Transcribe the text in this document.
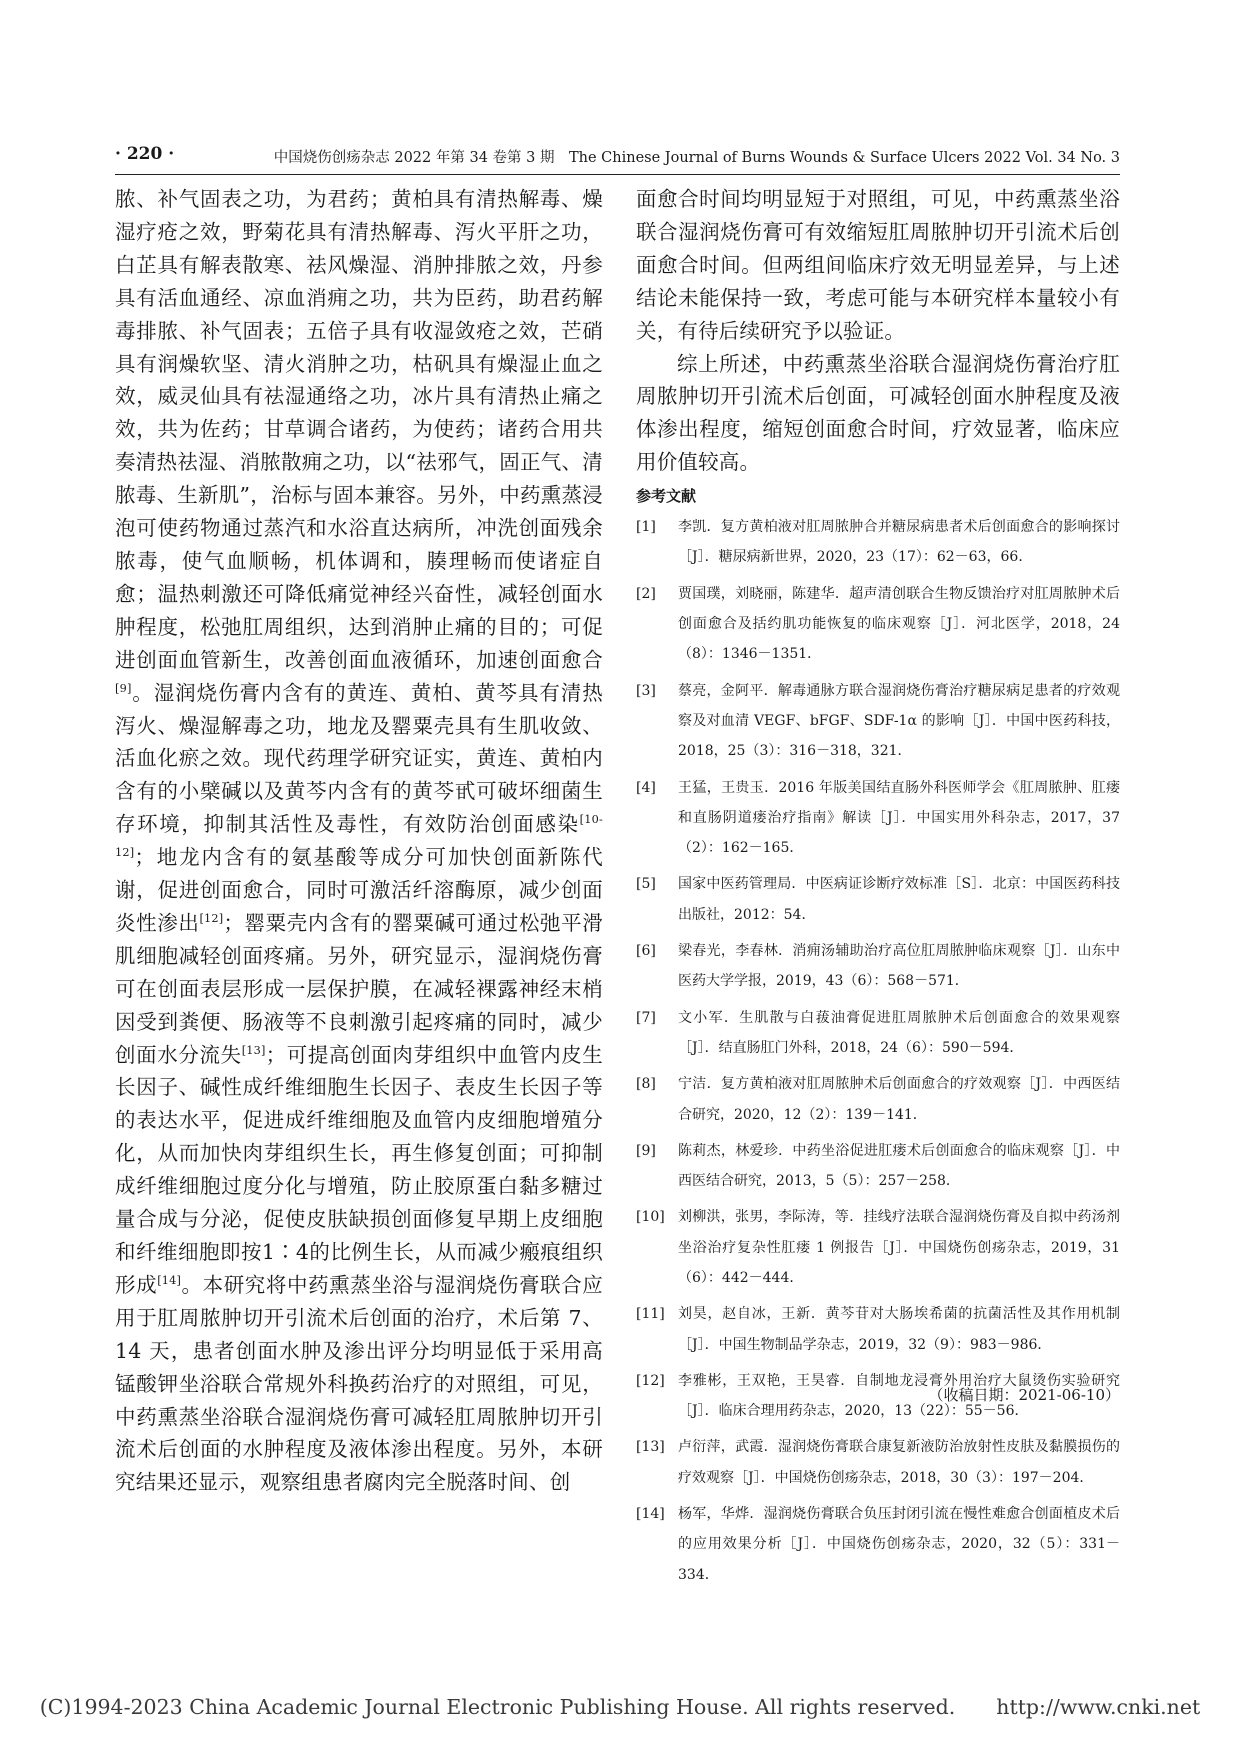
· 220 ·	中国烧伤创疡杂志 2022 年第 34 卷第 3 期　The Chinese Journal of Burns Wounds & Surface Ulcers 2022 Vol. 34 No. 3

脓、补气固表之功，为君药；黄柏具有清热解毒、燥湿疗疮之效，野菊花具有清热解毒、泻火平肝之功，白芷具有解表散寒、祛风燥湿、消肿排脓之效，丹参具有活血通经、凉血消痈之功，共为臣药，助君药解毒排脓、补气固表；五倍子具有收湿敛疮之效，芒硝具有润燥软坚、清火消肿之功，枯矾具有燥湿止血之效，威灵仙具有祛湿通络之功，冰片具有清热止痛之效，共为佐药；甘草调合诸药，为使药；诸药合用共奏清热祛湿、消脓散痈之功，以“祛邪气，固正气、清脓毒、生新肌”，治标与固本兼容。另外，中药熏蒸浸泡可使药物通过蒸汽和水浴直达病所，冲洗创面残余脓毒，使气血顺畅，机体调和，腠理畅而使诸症自愈；温热刺激还可降低痛觉神经兴奋性，减轻创面水肿程度，松弛肛周组织，达到消肿止痛的目的；可促进创面血管新生，改善创面血液循环，加速创面愈合[9]。湿润烧伤膏内含有的黄连、黄柏、黄芩具有清热泻火、燥湿解毒之功，地龙及罂粟壳具有生肌收敛、活血化瘀之效。现代药理学研究证实，黄连、黄柏内含有的小檗碱以及黄芩内含有的黄芩甙可破坏细菌生存环境，抑制其活性及毒性，有效防治创面感染[10-12]；地龙内含有的氨基酸等成分可加快创面新陈代谢，促进创面愈合，同时可激活纤溶酶原，减少创面炎性渗出[12]；罂粟壳内含有的罂粟碱可通过松弛平滑肌细胞减轻创面疼痛。另外，研究显示，湿润烧伤膏可在创面表层形成一层保护膜，在减轻裸露神经末梢因受到粪便、肠液等不良刺激引起疼痛的同时，减少创面水分流失[13]；可提高创面肉芽组织中血管内皮生长因子、碱性成纤维细胞生长因子、表皮生长因子等的表达水平，促进成纤维细胞及血管内皮细胞增殖分化，从而加快肉芽组织生长，再生修复创面；可抑制成纤维细胞过度分化与增殖，防止胶原蛋白黏多糖过量合成与分泌，促使皮肤缺损创面修复早期上皮细胞和纤维细胞即按1∶4的比例生长，从而减少瘢痕组织形成[14]。本研究将中药熏蒸坐浴与湿润烧伤膏联合应用于肛周脓肿切开引流术后创面的治疗，术后第 7、14 天，患者创面水肿及渗出评分均明显低于采用高锰酸钾坐浴联合常规外科换药治疗的对照组，可见，中药熏蒸坐浴联合湿润烧伤膏可减轻肛周脓肿切开引流术后创面的水肿程度及液体渗出程度。另外，本研究结果还显示，观察组患者腐肉完全脱落时间、创

面愈合时间均明显短于对照组，可见，中药熏蒸坐浴联合湿润烧伤膏可有效缩短肛周脓肿切开引流术后创面愈合时间。但两组间临床疗效无明显差异，与上述结论未能保持一致，考虑可能与本研究样本量较小有关，有待后续研究予以验证。

综上所述，中药熏蒸坐浴联合湿润烧伤膏治疗肛周脓肿切开引流术后创面，可减轻创面水肿程度及液体渗出程度，缩短创面愈合时间，疗效显著，临床应用价值较高。

参考文献
[1]	李凯．复方黄柏液对肛周脓肿合并糖尿病患者术后创面愈合的影响探讨［J］．糖尿病新世界，2020，23（17）：62－63，66．
[2]	贾国璞，刘晓丽，陈建华．超声清创联合生物反馈治疗对肛周脓肿术后创面愈合及括约肌功能恢复的临床观察［J］．河北医学，2018，24（8）：1346－1351．
[3]	蔡亮，金阿平．解毒通脉方联合湿润烧伤膏治疗糖尿病足患者的疗效观察及对血清 VEGF、bFGF、SDF-1α 的影响［J］．中国中医药科技，2018，25（3）：316－318，321．
[4]	王猛，王贵玉．2016 年版美国结直肠外科医师学会《肛周脓肿、肛瘘和直肠阴道瘘治疗指南》解读［J］．中国实用外科杂志，2017，37（2）：162－165．
[5]	国家中医药管理局．中医病证诊断疗效标准［S］．北京：中国医药科技出版社，2012：54．
[6]	梁春光，李春林．消痈汤辅助治疗高位肛周脓肿临床观察［J］．山东中医药大学学报，2019，43（6）：568－571．
[7]	文小军．生肌散与白菝油膏促进肛周脓肿术后创面愈合的效果观察［J］．结直肠肛门外科，2018，24（6）：590－594．
[8]	宁洁．复方黄柏液对肛周脓肿术后创面愈合的疗效观察［J］．中西医结合研究，2020，12（2）：139－141．
[9]	陈莉杰，林爱珍．中药坐浴促进肛瘘术后创面愈合的临床观察［J］．中西医结合研究，2013，5（5）：257－258．
[10] 刘柳洪，张男，李际涛，等．挂线疗法联合湿润烧伤膏及自拟中药汤剂坐浴治疗复杂性肛瘘 1 例报告［J］．中国烧伤创疡杂志，2019，31（6）：442－444．
[11] 刘昊，赵自冰，王新．黄芩苷对大肠埃希菌的抗菌活性及其作用机制［J］．中国生物制品学杂志，2019，32（9）：983－986．
[12] 李雅彬，王双艳，王昊睿．自制地龙浸膏外用治疗大鼠烫伤实验研究［J］．临床合理用药杂志，2020，13（22）：55－56．
[13] 卢衍萍，武霞．湿润烧伤膏联合康复新液防治放射性皮肤及黏膜损伤的疗效观察［J］．中国烧伤创疡杂志，2018，30（3）：197－204．
[14] 杨军，华烨．湿润烧伤膏联合负压封闭引流在慢性难愈合创面植皮术后的应用效果分析［J］．中国烧伤创疡杂志，2020，32（5）：331－334．
（收稿日期：2021-06-10）
(C)1994-2023 China Academic Journal Electronic Publishing House. All rights reserved.　　http://www.cnki.net
